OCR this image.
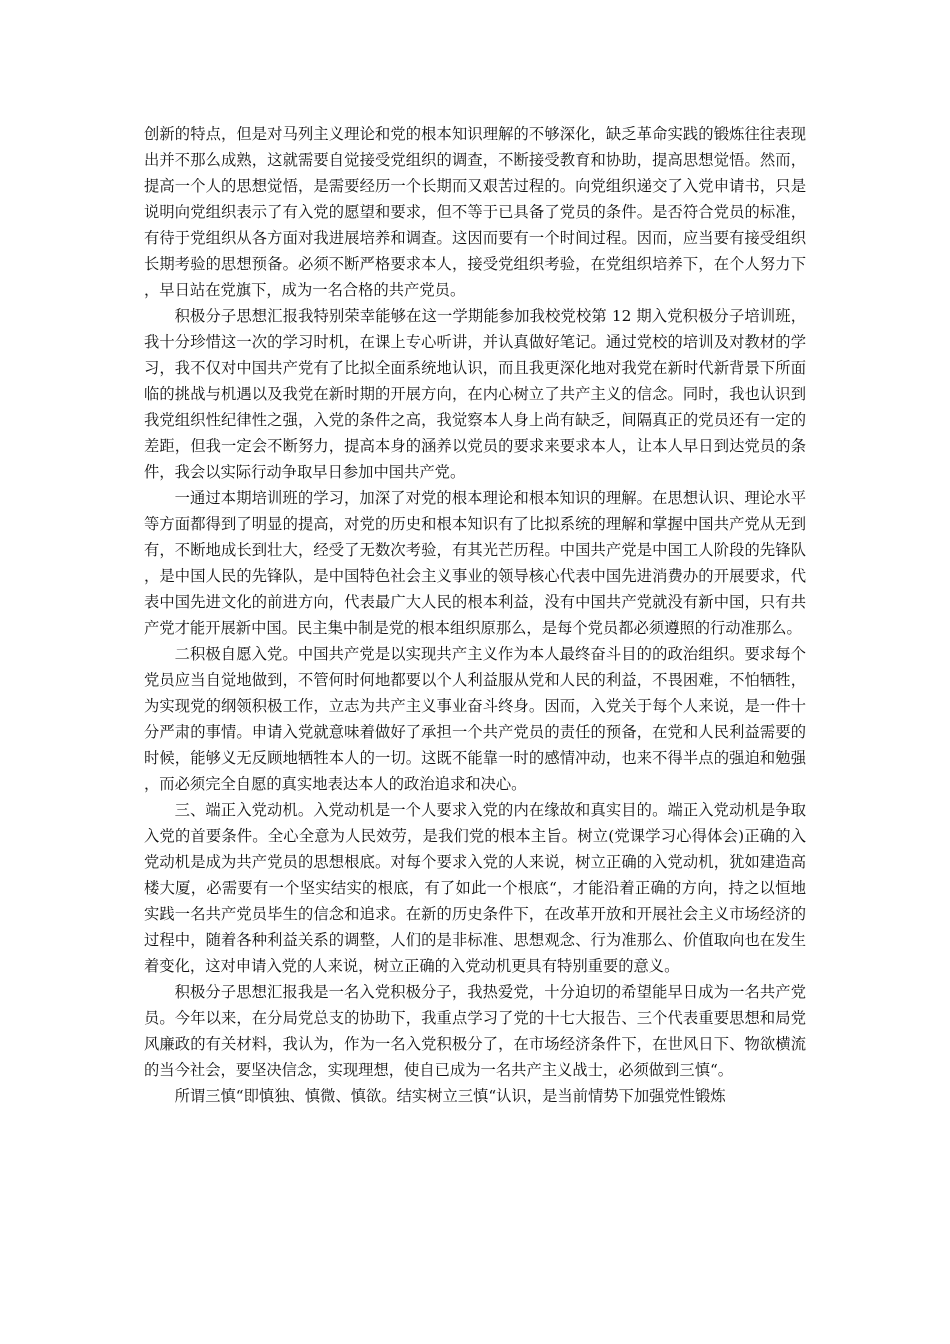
创新的特点，但是对马列主义理论和党的根本知识理解的不够深化，缺乏革命实践的锻炼往往表现出并不那么成熟，这就需要自觉接受党组织的调查，不断接受教育和协助，提高思想觉悟。然而，提高一个人的思想觉悟，是需要经历一个长期而又艰苦过程的。向党组织递交了入党申请书，只是说明向党组织表示了有入党的愿望和要求，但不等于已具备了党员的条件。是否符合党员的标准，有待于党组织从各方面对我进展培养和调查。这因而要有一个时间过程。因而，应当要有接受组织长期考验的思想预备。必须不断严格要求本人，接受党组织考验，在党组织培养下，在个人努力下，早日站在党旗下，成为一名合格的共产党员。

积极分子思想汇报我特别荣幸能够在这一学期能参加我校党校第 12 期入党积极分子培训班，我十分珍惜这一次的学习时机，在课上专心听讲，并认真做好笔记。通过党校的培训及对教材的学习，我不仅对中国共产党有了比拟全面系统地认识，而且我更深化地对我党在新时代新背景下所面临的挑战与机遇以及我党在新时期的开展方向，在内心树立了共产主义的信念。同时，我也认识到我党组织性纪律性之强，入党的条件之高，我觉察本人身上尚有缺乏，间隔真正的党员还有一定的差距，但我一定会不断努力，提高本身的涵养以党员的要求来要求本人，让本人早日到达党员的条件，我会以实际行动争取早日参加中国共产党。

一通过本期培训班的学习，加深了对党的根本理论和根本知识的理解。在思想认识、理论水平等方面都得到了明显的提高，对党的历史和根本知识有了比拟系统的理解和掌握中国共产党从无到有，不断地成长到壮大，经受了无数次考验，有其光芒历程。中国共产党是中国工人阶段的先锋队，是中国人民的先锋队，是中国特色社会主义事业的领导核心代表中国先进消费办的开展要求，代表中国先进文化的前进方向，代表最广大人民的根本利益，没有中国共产党就没有新中国，只有共产党才能开展新中国。民主集中制是党的根本组织原那么，是每个党员都必须遵照的行动准那么。

二积极自愿入党。中国共产党是以实现共产主义作为本人最终奋斗目的的政治组织。要求每个党员应当自觉地做到，不管何时何地都要以个人利益服从党和人民的利益，不畏困难，不怕牺牲，为实现党的纲领积极工作，立志为共产主义事业奋斗终身。因而，入党关于每个人来说，是一件十分严肃的事情。申请入党就意味着做好了承担一个共产党员的责任的预备，在党和人民利益需要的时候，能够义无反顾地牺牲本人的一切。这既不能靠一时的感情冲动，也来不得半点的强迫和勉强，而必须完全自愿的真实地表达本人的政治追求和决心。

三、端正入党动机。入党动机是一个人要求入党的内在缘故和真实目的。端正入党动机是争取入党的首要条件。全心全意为人民效劳，是我们党的根本主旨。树立(党课学习心得体会)正确的入党动机是成为共产党员的思想根底。对每个要求入党的人来说，树立正确的入党动机，犹如建造高楼大厦，必需要有一个坚实结实的根底，有了如此一个根底“，才能沿着正确的方向，持之以恒地实践一名共产党员毕生的信念和追求。在新的历史条件下，在改革开放和开展社会主义市场经济的过程中，随着各种利益关系的调整，人们的是非标准、思想观念、行为准那么、价值取向也在发生着变化，这对申请入党的人来说，树立正确的入党动机更具有特别重要的意义。

积极分子思想汇报我是一名入党积极分子，我热爱党，十分迫切的希望能早日成为一名共产党员。今年以来，在分局党总支的协助下，我重点学习了党的十七大报告、三个代表重要思想和局党风廉政的有关材料，我认为，作为一名入党积极分了，在市场经济条件下，在世风日下、物欲横流的当今社会，要坚决信念，实现理想，使自已成为一名共产主义战士，必须做到三慎“。

所谓三慎“即慎独、慎微、慎欲。结实树立三慎“认识，是当前情势下加强党性锻炼
